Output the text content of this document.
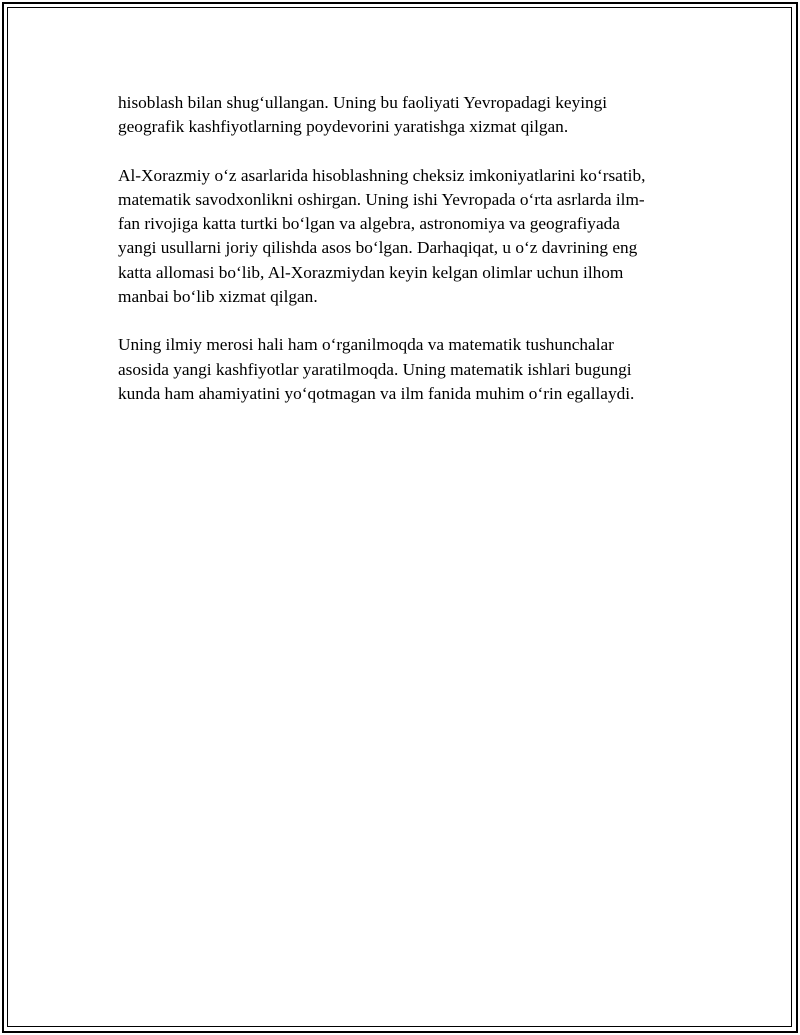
hisoblash bilan shug‘ullangan. Uning bu faoliyati Yevropadagi keyingi
geografik kashfiyotlarning poydevorini yaratishga xizmat qilgan.

Al-Xorazmiy o‘z asarlarida hisoblashning cheksiz imkoniyatlarini ko‘rsatib,
matematik savodxonlikni oshirgan. Uning ishi Yevropada o‘rta asrlarda ilm-
fan rivojiga katta turtki bo‘lgan va algebra, astronomiya va geografiyada
yangi usullarni joriy qilishda asos bo‘lgan. Darhaqiqat, u o‘z davrining eng
katta allomasi bo‘lib, Al-Xorazmiydan keyin kelgan olimlar uchun ilhom
manbai bo‘lib xizmat qilgan.

Uning ilmiy merosi hali ham o‘rganilmoqda va matematik tushunchalar
asosida yangi kashfiyotlar yaratilmoqda. Uning matematik ishlari bugungi
kunda ham ahamiyatini yo‘qotmagan va ilm fanida muhim o‘rin egallaydi.
